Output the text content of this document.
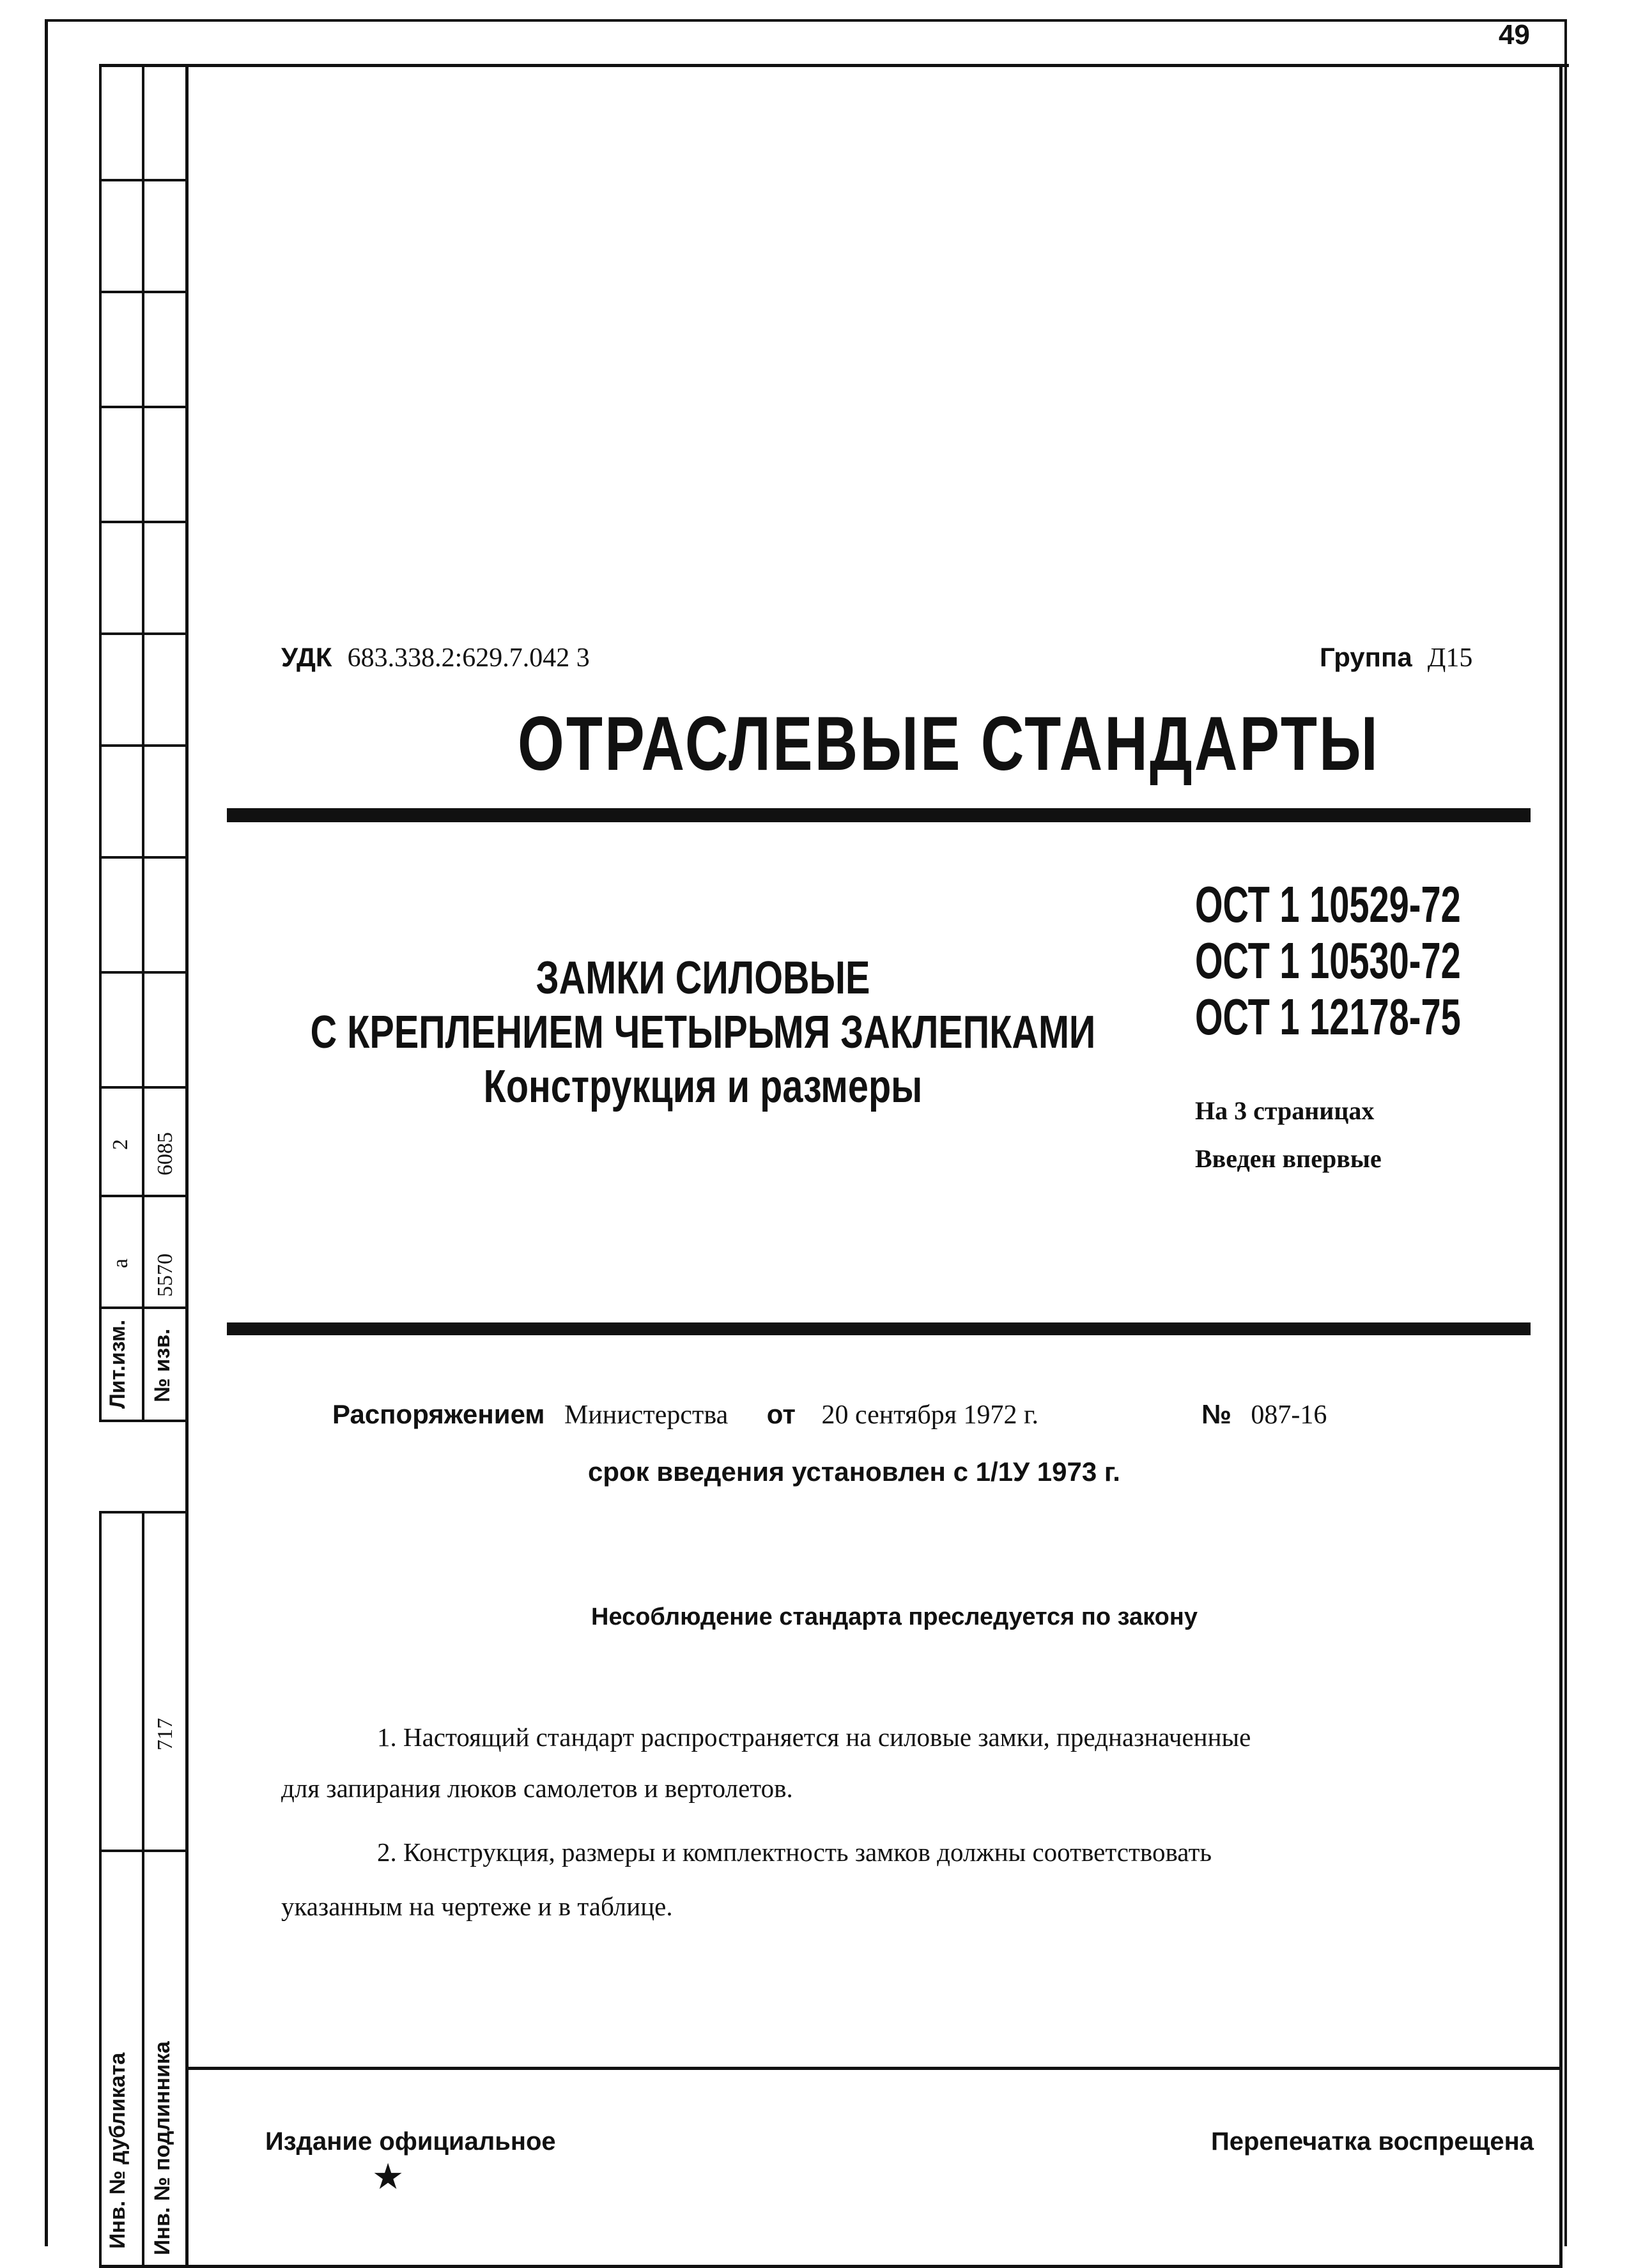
Лит.изм. № изв.
а 5570
2 6085
717
Инв. № дубликата Инв. № подлинника
49
УДК 683.338.2:629.7.042 3	Группа Д15
ОТРАСЛЕВЫЕ СТАНДАРТЫ
ОСТ 1 10529-72
ОСТ 1 10530-72
ОСТ 1 12178-75
На 3 страницах
Введен впервые
ЗАМКИ СИЛОВЫЕ
С КРЕПЛЕНИЕМ ЧЕТЫРЬМЯ ЗАКЛЕПКАМИ
Конструкция и размеры
Распоряжением Министерства от 20 сентября 1972 г.	№ 087-16
срок введения установлен с 1/1У 1973 г.
Несоблюдение стандарта преследуется по закону
1. Настоящий стандарт распространяется на силовые замки, предназначенные
для запирания люков самолетов и вертолетов.
2. Конструкция, размеры и комплектность замков должны соответствовать
указанным на чертеже и в таблице.
Издание официальное
★
Перепечатка воспрещена
